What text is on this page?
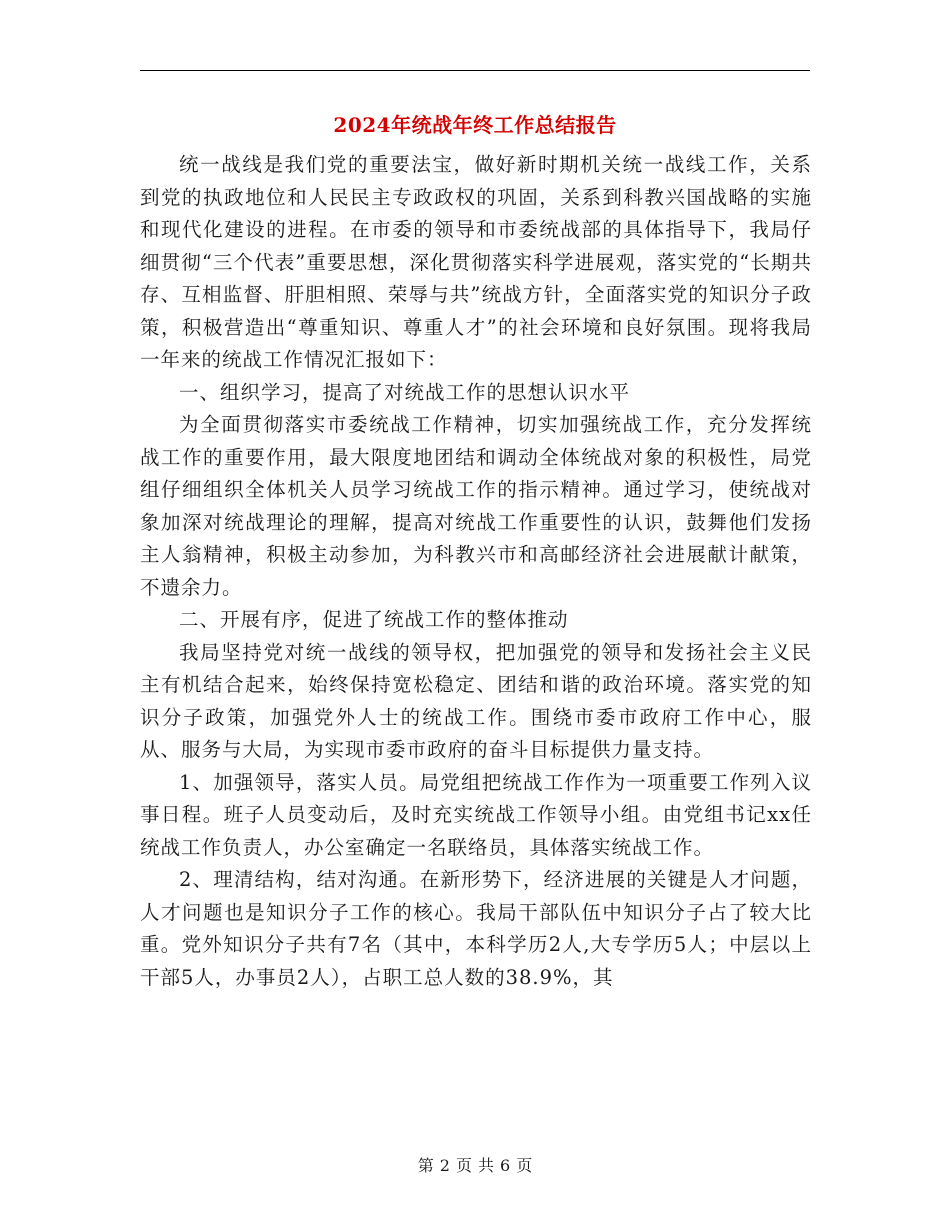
2024年统战年终工作总结报告

统一战线是我们党的重要法宝，做好新时期机关统一战线工作，关系到党的执政地位和人民民主专政政权的巩固，关系到科教兴国战略的实施和现代化建设的进程。在市委的领导和市委统战部的具体指导下，我局仔细贯彻“三个代表”重要思想，深化贯彻落实科学进展观，落实党的“长期共存、互相监督、肝胆相照、荣辱与共”统战方针，全面落实党的知识分子政策，积极营造出“尊重知识、尊重人才”的社会环境和良好氛围。现将我局一年来的统战工作情况汇报如下：

一、组织学习，提高了对统战工作的思想认识水平

为全面贯彻落实市委统战工作精神，切实加强统战工作，充分发挥统战工作的重要作用，最大限度地团结和调动全体统战对象的积极性，局党组仔细组织全体机关人员学习统战工作的指示精神。通过学习，使统战对象加深对统战理论的理解，提高对统战工作重要性的认识，鼓舞他们发扬主人翁精神，积极主动参加，为科教兴市和高邮经济社会进展献计献策，不遗余力。

二、开展有序，促进了统战工作的整体推动

我局坚持党对统一战线的领导权，把加强党的领导和发扬社会主义民主有机结合起来，始终保持宽松稳定、团结和谐的政治环境。落实党的知识分子政策，加强党外人士的统战工作。围绕市委市政府工作中心，服从、服务与大局，为实现市委市政府的奋斗目标提供力量支持。

1、加强领导，落实人员。局党组把统战工作作为一项重要工作列入议事日程。班子人员变动后，及时充实统战工作领导小组。由党组书记xx任统战工作负责人，办公室确定一名联络员，具体落实统战工作。

2、理清结构，结对沟通。在新形势下，经济进展的关键是人才问题，人才问题也是知识分子工作的核心。我局干部队伍中知识分子占了较大比重。党外知识分子共有7名（其中，本科学历2人,大专学历5人；中层以上干部5人，办事员2人），占职工总人数的38.9%，其

第 2 页 共 6 页
